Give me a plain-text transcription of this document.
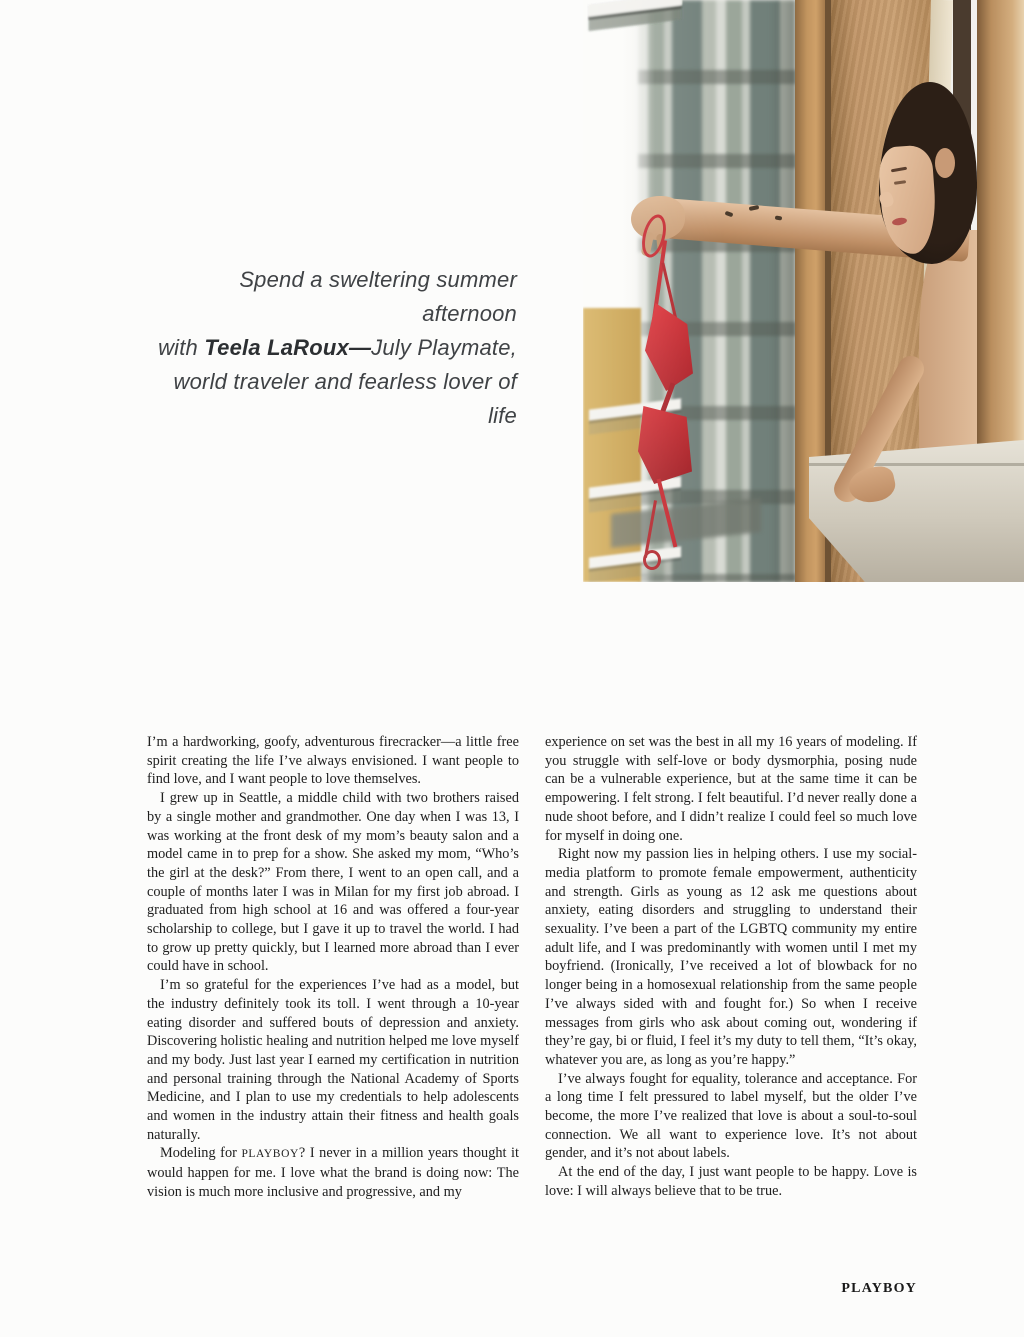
Spend a sweltering summer afternoon
with Teela LaRoux—July Playmate,
world traveler and fearless lover of life

I’m a hardworking, goofy, adventurous firecracker—a little free spirit creating the life I’ve always envisioned. I want people to find love, and I want people to love themselves.

I grew up in Seattle, a middle child with two brothers raised by a single mother and grandmother. One day when I was 13, I was working at the front desk of my mom’s beauty salon and a model came in to prep for a show. She asked my mom, “Who’s the girl at the desk?” From there, I went to an open call, and a couple of months later I was in Milan for my first job abroad. I graduated from high school at 16 and was offered a four-year scholarship to college, but I gave it up to travel the world. I had to grow up pretty quickly, but I learned more abroad than I ever could have in school.

I’m so grateful for the experiences I’ve had as a model, but the industry definitely took its toll. I went through a 10-year eating disorder and suffered bouts of depression and anxiety. Discovering holistic healing and nutrition helped me love myself and my body. Just last year I earned my certification in nutrition and personal training through the National Academy of Sports Medicine, and I plan to use my credentials to help adolescents and women in the industry attain their fitness and health goals naturally.

Modeling for PLAYBOY? I never in a million years thought it would happen for me. I love what the brand is doing now: The vision is much more inclusive and progressive, and my

experience on set was the best in all my 16 years of modeling. If you struggle with self-love or body dysmorphia, posing nude can be a vulnerable experience, but at the same time it can be empowering. I felt strong. I felt beautiful. I’d never really done a nude shoot before, and I didn’t realize I could feel so much love for myself in doing one.

Right now my passion lies in helping others. I use my social-media platform to promote female empowerment, authenticity and strength. Girls as young as 12 ask me questions about anxiety, eating disorders and struggling to understand their sexuality. I’ve been a part of the LGBTQ community my entire adult life, and I was predominantly with women until I met my boyfriend. (Ironically, I’ve received a lot of blowback for no longer being in a homosexual relationship from the same people I’ve always sided with and fought for.) So when I receive messages from girls who ask about coming out, wondering if they’re gay, bi or fluid, I feel it’s my duty to tell them, “It’s okay, whatever you are, as long as you’re happy.”

I’ve always fought for equality, tolerance and acceptance. For a long time I felt pressured to label myself, but the older I’ve become, the more I’ve realized that love is about a soul-to-soul connection. We all want to experience love. It’s not about gender, and it’s not about labels.

At the end of the day, I just want people to be happy. Love is love: I will always believe that to be true.

PLAYBOY
